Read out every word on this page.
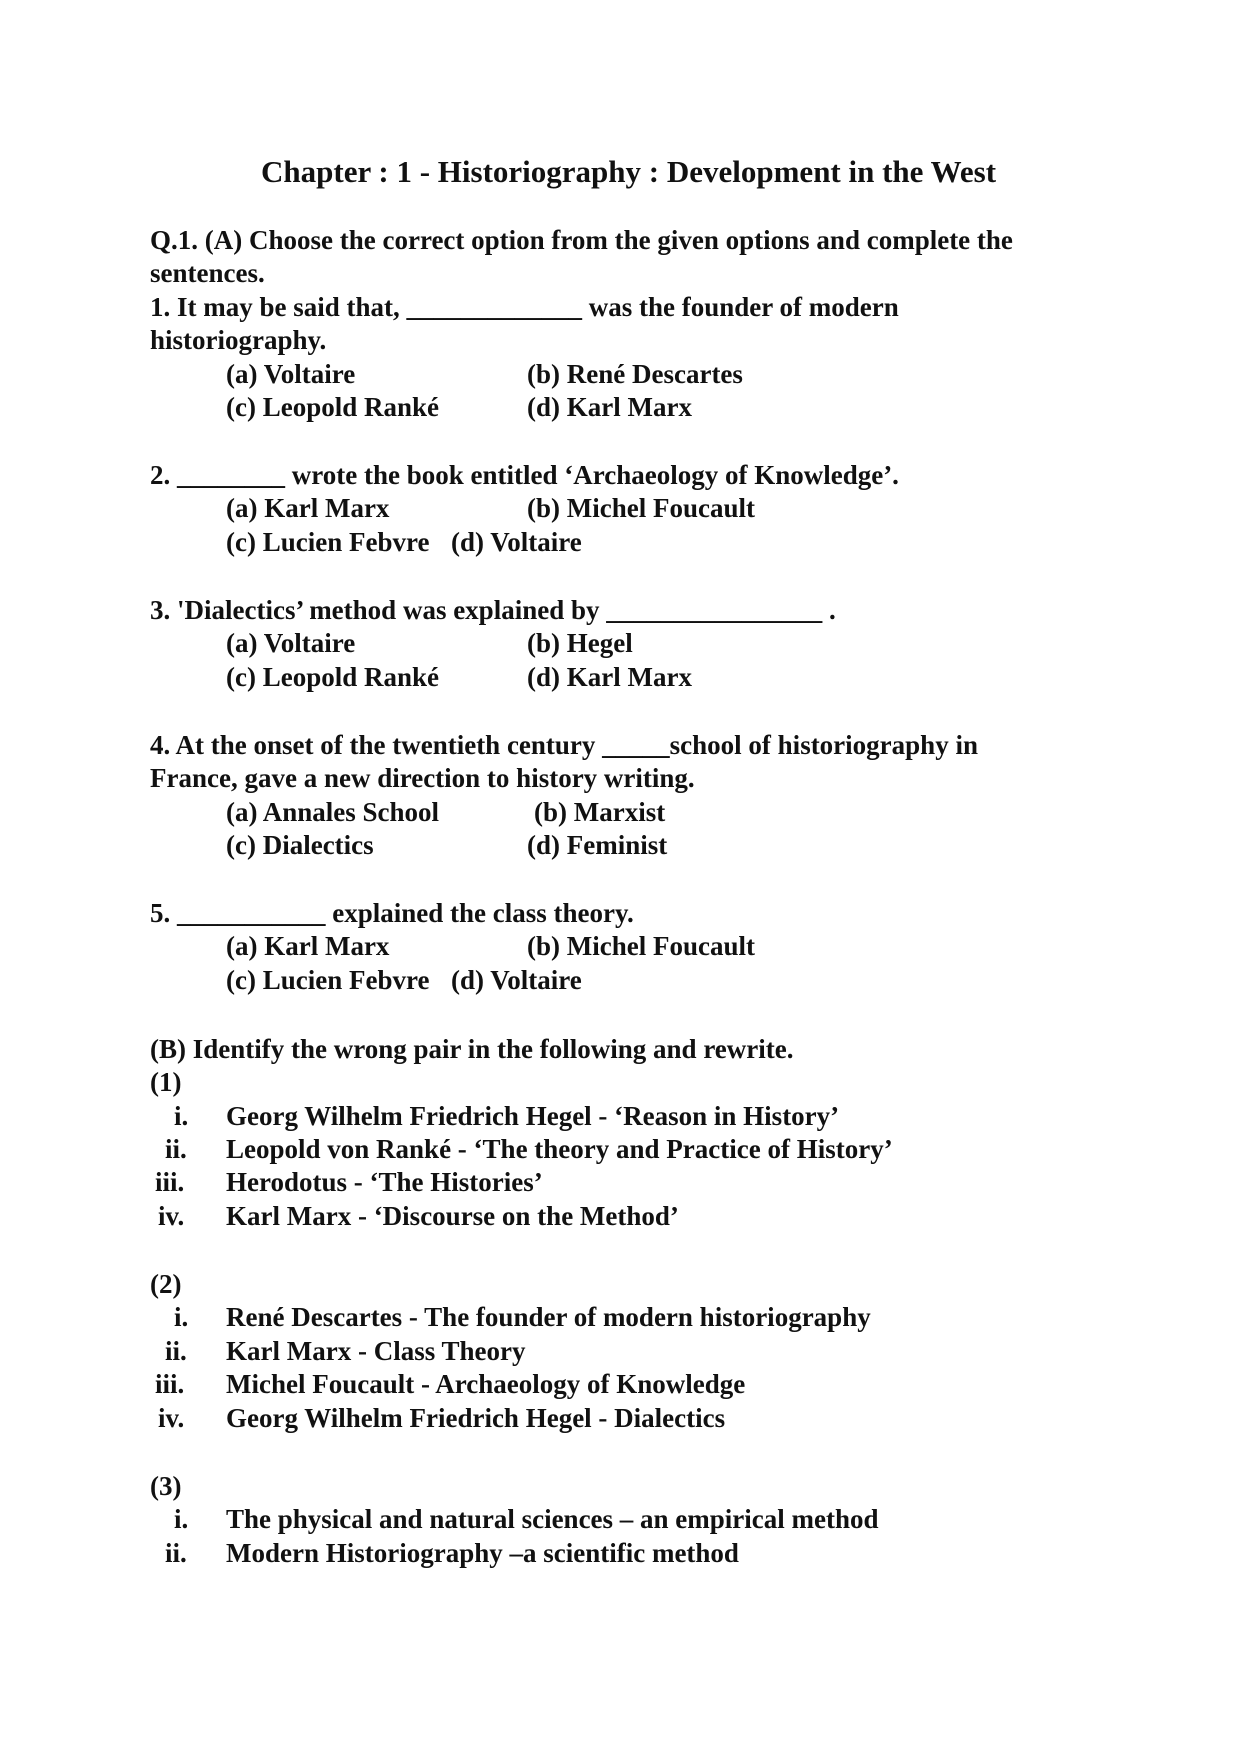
Chapter : 1 - Historiography : Development in the West
Q.1. (A) Choose the correct option from the given options and complete the
sentences.
1. It may be said that, _____________ was the founder of modern
historiography.
(a) Voltaire	(b) René Descartes
(c) Leopold Ranké	(d) Karl Marx
2. ________ wrote the book entitled ‘Archaeology of Knowledge’.
(a) Karl Marx	(b) Michel Foucault
(c) Lucien Febvre (d) Voltaire
3. 'Dialectics’ method was explained by ________________ .
(a) Voltaire	(b) Hegel
(c) Leopold Ranké	(d) Karl Marx
4. At the onset of the twentieth century _____school of historiography in
France, gave a new direction to history writing.
(a) Annales School	(b) Marxist
(c) Dialectics	(d) Feminist
5. ___________ explained the class theory.
(a) Karl Marx	(b) Michel Foucault
(c) Lucien Febvre (d) Voltaire
(B) Identify the wrong pair in the following and rewrite.
(1)
i. Georg Wilhelm Friedrich Hegel - ‘Reason in History’
ii. Leopold von Ranké - ‘The theory and Practice of History’
iii. Herodotus - ‘The Histories’
iv. Karl Marx - ‘Discourse on the Method’
(2)
i. René Descartes - The founder of modern historiography
ii. Karl Marx - Class Theory
iii. Michel Foucault - Archaeology of Knowledge
iv. Georg Wilhelm Friedrich Hegel - Dialectics
(3)
i. The physical and natural sciences – an empirical method
ii. Modern Historiography –a scientific method
